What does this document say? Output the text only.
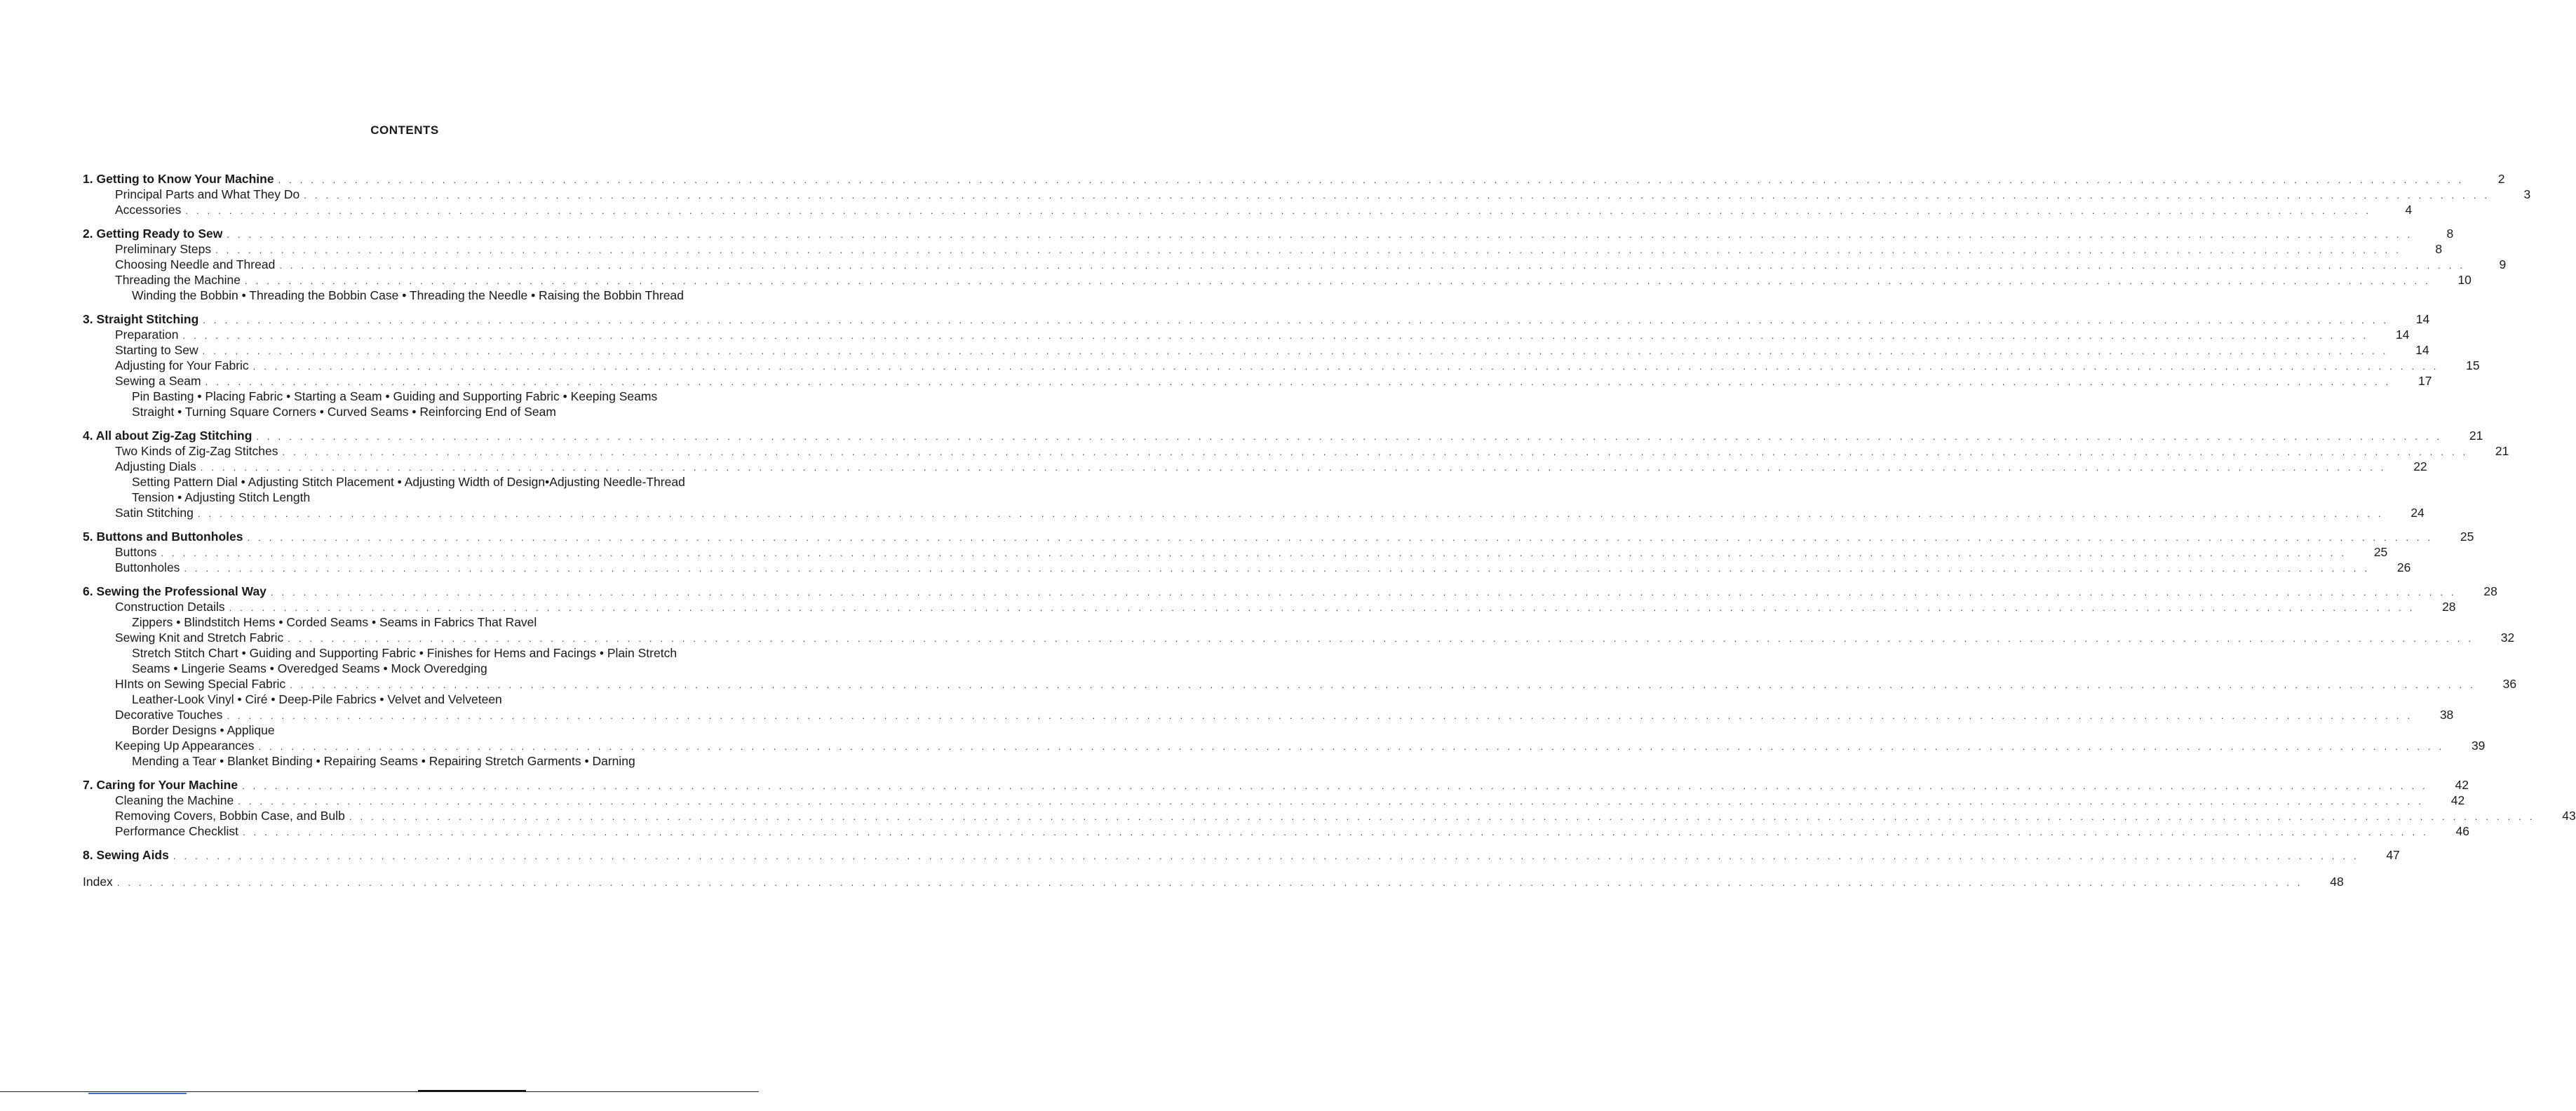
CONTENTS
1. Getting to Know Your Machine . . . . . . . . . . . . . . . . . . . . . . . . . . . . . . . . . . . . . . . . . . . . . . . . . . . . . . . . . . . . . . . . . . . . . . . . . . . . . . . . . . . . . . . . . . . . . . . . . . . . . . . . . . . . . . . . . . . . . . . . . . . . . . . . . . . . . . . . . . . . . . . . . . . . . . . . . . . . . . . . . . . . . . . . . . . . . . . . . . . . . . . . . . . . . . . . . . . . . . . .	2
Principal Parts and What They Do . . . . . . . . . . . . . . . . . . . . . . . . . . . . . . . . . . . . . . . . . . . . . . . . . . . . . . . . . . . . . . . . . . . . . . . . . . . . . . . . . . . . . . . . . . . . . . . . . . . . . . . . . . . . . . . . . . . . . . . . . . . . . . . . . . . . . . . . . . . . . . . . . . . . . . . . . . . . . . . . . . . . . . . . . . . . . . . . . . . . . . . . . . . . . . . . . . . . . . . .	3
Accessories . . . . . . . . . . . . . . . . . . . . . . . . . . . . . . . . . . . . . . . . . . . . . . . . . . . . . . . . . . . . . . . . . . . . . . . . . . . . . . . . . . . . . . . . . . . . . . . . . . . . . . . . . . . . . . . . . . . . . . . . . . . . . . . . . . . . . . . . . . . . . . . . . . . . . . . . . . . . . . . . . . . . . . . . . . . . . . . . . . . . . . . . . . . . . . . . . . . . . . . .	4
2. Getting Ready to Sew . . . . . . . . . . . . . . . . . . . . . . . . . . . . . . . . . . . . . . . . . . . . . . . . . . . . . . . . . . . . . . . . . . . . . . . . . . . . . . . . . . . . . . . . . . . . . . . . . . . . . . . . . . . . . . . . . . . . . . . . . . . . . . . . . . . . . . . . . . . . . . . . . . . . . . . . . . . . . . . . . . . . . . . . . . . . . . . . . . . . . . . . . . . . . . . . . . . . . . . .	8
Preliminary Steps . . . . . . . . . . . . . . . . . . . . . . . . . . . . . . . . . . . . . . . . . . . . . . . . . . . . . . . . . . . . . . . . . . . . . . . . . . . . . . . . . . . . . . . . . . . . . . . . . . . . . . . . . . . . . . . . . . . . . . . . . . . . . . . . . . . . . . . . . . . . . . . . . . . . . . . . . . . . . . . . . . . . . . . . . . . . . . . . . . . . . . . . . . . . . . . . . . . . . . . .	8
Choosing Needle and Thread . . . . . . . . . . . . . . . . . . . . . . . . . . . . . . . . . . . . . . . . . . . . . . . . . . . . . . . . . . . . . . . . . . . . . . . . . . . . . . . . . . . . . . . . . . . . . . . . . . . . . . . . . . . . . . . . . . . . . . . . . . . . . . . . . . . . . . . . . . . . . . . . . . . . . . . . . . . . . . . . . . . . . . . . . . . . . . . . . . . . . . . . . . . . . . . . . . . . . . . .	9
Threading the Machine . . . . . . . . . . . . . . . . . . . . . . . . . . . . . . . . . . . . . . . . . . . . . . . . . . . . . . . . . . . . . . . . . . . . . . . . . . . . . . . . . . . . . . . . . . . . . . . . . . . . . . . . . . . . . . . . . . . . . . . . . . . . . . . . . . . . . . . . . . . . . . . . . . . . . . . . . . . . . . . . . . . . . . . . . . . . . . . . . . . . . . . . . . . . . . . . . . . . . . . .	10
Winding the Bobbin • Threading the Bobbin Case • Threading the Needle • Raising the Bobbin Thread
3. Straight Stitching . . . . . . . . . . . . . . . . . . . . . . . . . . . . . . . . . . . . . . . . . . . . . . . . . . . . . . . . . . . . . . . . . . . . . . . . . . . . . . . . . . . . . . . . . . . . . . . . . . . . . . . . . . . . . . . . . . . . . . . . . . . . . . . . . . . . . . . . . . . . . . . . . . . . . . . . . . . . . . . . . . . . . . . . . . . . . . . . . . . . . . . . . . . . . . . . . . . . . . . .	14
Preparation . . . . . . . . . . . . . . . . . . . . . . . . . . . . . . . . . . . . . . . . . . . . . . . . . . . . . . . . . . . . . . . . . . . . . . . . . . . . . . . . . . . . . . . . . . . . . . . . . . . . . . . . . . . . . . . . . . . . . . . . . . . . . . . . . . . . . . . . . . . . . . . . . . . . . . . . . . . . . . . . . . . . . . . . . . . . . . . . . . . . . . . . . . . . . . . . . . . . . . . .	14
Starting to Sew . . . . . . . . . . . . . . . . . . . . . . . . . . . . . . . . . . . . . . . . . . . . . . . . . . . . . . . . . . . . . . . . . . . . . . . . . . . . . . . . . . . . . . . . . . . . . . . . . . . . . . . . . . . . . . . . . . . . . . . . . . . . . . . . . . . . . . . . . . . . . . . . . . . . . . . . . . . . . . . . . . . . . . . . . . . . . . . . . . . . . . . . . . . . . . . . . . . . . . . .	14
Adjusting for Your Fabric . . . . . . . . . . . . . . . . . . . . . . . . . . . . . . . . . . . . . . . . . . . . . . . . . . . . . . . . . . . . . . . . . . . . . . . . . . . . . . . . . . . . . . . . . . . . . . . . . . . . . . . . . . . . . . . . . . . . . . . . . . . . . . . . . . . . . . . . . . . . . . . . . . . . . . . . . . . . . . . . . . . . . . . . . . . . . . . . . . . . . . . . . . . . . . . . . . . . . . . .	15
Sewing a Seam . . . . . . . . . . . . . . . . . . . . . . . . . . . . . . . . . . . . . . . . . . . . . . . . . . . . . . . . . . . . . . . . . . . . . . . . . . . . . . . . . . . . . . . . . . . . . . . . . . . . . . . . . . . . . . . . . . . . . . . . . . . . . . . . . . . . . . . . . . . . . . . . . . . . . . . . . . . . . . . . . . . . . . . . . . . . . . . . . . . . . . . . . . . . . . . . . . . . . . . .	17
Pin Basting • Placing Fabric • Starting a Seam • Guiding and Supporting Fabric • Keeping Seams Straight • Turning Square Corners • Curved Seams • Reinforcing End of Seam
4. All about Zig-Zag Stitching . . . . . . . . . . . . . . . . . . . . . . . . . . . . . . . . . . . . . . . . . . . . . . . . . . . . . . . . . . . . . . . . . . . . . . . . . . . . . . . . . . . . . . . . . . . . . . . . . . . . . . . . . . . . . . . . . . . . . . . . . . . . . . . . . . . . . . . . . . . . . . . . . . . . . . . . . . . . . . . . . . . . . . . . . . . . . . . . . . . . . . . . . . . . . . . . . . . . . . . .	21
Two Kinds of Zig-Zag Stitches . . . . . . . . . . . . . . . . . . . . . . . . . . . . . . . . . . . . . . . . . . . . . . . . . . . . . . . . . . . . . . . . . . . . . . . . . . . . . . . . . . . . . . . . . . . . . . . . . . . . . . . . . . . . . . . . . . . . . . . . . . . . . . . . . . . . . . . . . . . . . . . . . . . . . . . . . . . . . . . . . . . . . . . . . . . . . . . . . . . . . . . . . . . . . . . . . . . . . . . .	21
Adjusting Dials . . . . . . . . . . . . . . . . . . . . . . . . . . . . . . . . . . . . . . . . . . . . . . . . . . . . . . . . . . . . . . . . . . . . . . . . . . . . . . . . . . . . . . . . . . . . . . . . . . . . . . . . . . . . . . . . . . . . . . . . . . . . . . . . . . . . . . . . . . . . . . . . . . . . . . . . . . . . . . . . . . . . . . . . . . . . . . . . . . . . . . . . . . . . . . . . . . . . . . . .	22
Setting Pattern Dial • Adjusting Stitch Placement • Adjusting Width of Design•Adjusting Needle-Thread Tension • Adjusting Stitch Length
Satin Stitching . . . . . . . . . . . . . . . . . . . . . . . . . . . . . . . . . . . . . . . . . . . . . . . . . . . . . . . . . . . . . . . . . . . . . . . . . . . . . . . . . . . . . . . . . . . . . . . . . . . . . . . . . . . . . . . . . . . . . . . . . . . . . . . . . . . . . . . . . . . . . . . . . . . . . . . . . . . . . . . . . . . . . . . . . . . . . . . . . . . . . . . . . . . . . . . . . . . . . . . .	24
5. Buttons and Buttonholes . . . . . . . . . . . . . . . . . . . . . . . . . . . . . . . . . . . . . . . . . . . . . . . . . . . . . . . . . . . . . . . . . . . . . . . . . . . . . . . . . . . . . . . . . . . . . . . . . . . . . . . . . . . . . . . . . . . . . . . . . . . . . . . . . . . . . . . . . . . . . . . . . . . . . . . . . . . . . . . . . . . . . . . . . . . . . . . . . . . . . . . . . . . . . . . . . . . . . . . .	25
Buttons . . . . . . . . . . . . . . . . . . . . . . . . . . . . . . . . . . . . . . . . . . . . . . . . . . . . . . . . . . . . . . . . . . . . . . . . . . . . . . . . . . . . . . . . . . . . . . . . . . . . . . . . . . . . . . . . . . . . . . . . . . . . . . . . . . . . . . . . . . . . . . . . . . . . . . . . . . . . . . . . . . . . . . . . . . . . . . . . . . . . . . . . . . . . . . . . . . . . . . . .	25
Buttonholes . . . . . . . . . . . . . . . . . . . . . . . . . . . . . . . . . . . . . . . . . . . . . . . . . . . . . . . . . . . . . . . . . . . . . . . . . . . . . . . . . . . . . . . . . . . . . . . . . . . . . . . . . . . . . . . . . . . . . . . . . . . . . . . . . . . . . . . . . . . . . . . . . . . . . . . . . . . . . . . . . . . . . . . . . . . . . . . . . . . . . . . . . . . . . . . . . . . . . . . .	26
6. Sewing the Professional Way . . . . . . . . . . . . . . . . . . . . . . . . . . . . . . . . . . . . . . . . . . . . . . . . . . . . . . . . . . . . . . . . . . . . . . . . . . . . . . . . . . . . . . . . . . . . . . . . . . . . . . . . . . . . . . . . . . . . . . . . . . . . . . . . . . . . . . . . . . . . . . . . . . . . . . . . . . . . . . . . . . . . . . . . . . . . . . . . . . . . . . . . . . . . . . . . . . . . . . . .	28
Construction Details . . . . . . . . . . . . . . . . . . . . . . . . . . . . . . . . . . . . . . . . . . . . . . . . . . . . . . . . . . . . . . . . . . . . . . . . . . . . . . . . . . . . . . . . . . . . . . . . . . . . . . . . . . . . . . . . . . . . . . . . . . . . . . . . . . . . . . . . . . . . . . . . . . . . . . . . . . . . . . . . . . . . . . . . . . . . . . . . . . . . . . . . . . . . . . . . . . . . . . . .	28
Zippers • Blindstitch Hems • Corded Seams • Seams in Fabrics That Ravel
Sewing Knit and Stretch Fabric . . . . . . . . . . . . . . . . . . . . . . . . . . . . . . . . . . . . . . . . . . . . . . . . . . . . . . . . . . . . . . . . . . . . . . . . . . . . . . . . . . . . . . . . . . . . . . . . . . . . . . . . . . . . . . . . . . . . . . . . . . . . . . . . . . . . . . . . . . . . . . . . . . . . . . . . . . . . . . . . . . . . . . . . . . . . . . . . . . . . . . . . . . . . . . . . . . . . . . . .	32
Stretch Stitch Chart • Guiding and Supporting Fabric • Finishes for Hems and Facings • Plain Stretch Seams • Lingerie Seams • Overedged Seams • Mock Overedging
HInts on Sewing Special Fabric . . . . . . . . . . . . . . . . . . . . . . . . . . . . . . . . . . . . . . . . . . . . . . . . . . . . . . . . . . . . . . . . . . . . . . . . . . . . . . . . . . . . . . . . . . . . . . . . . . . . . . . . . . . . . . . . . . . . . . . . . . . . . . . . . . . . . . . . . . . . . . . . . . . . . . . . . . . . . . . . . . . . . . . . . . . . . . . . . . . . . . . . . . . . . . . . . . . . . . . .	36
Leather-Look Vinyl • Ciré • Deep-Pile Fabrics • Velvet and Velveteen
Decorative Touches . . . . . . . . . . . . . . . . . . . . . . . . . . . . . . . . . . . . . . . . . . . . . . . . . . . . . . . . . . . . . . . . . . . . . . . . . . . . . . . . . . . . . . . . . . . . . . . . . . . . . . . . . . . . . . . . . . . . . . . . . . . . . . . . . . . . . . . . . . . . . . . . . . . . . . . . . . . . . . . . . . . . . . . . . . . . . . . . . . . . . . . . . . . . . . . . . . . . . . . .	38
Border Designs • Applique
Keeping Up Appearances . . . . . . . . . . . . . . . . . . . . . . . . . . . . . . . . . . . . . . . . . . . . . . . . . . . . . . . . . . . . . . . . . . . . . . . . . . . . . . . . . . . . . . . . . . . . . . . . . . . . . . . . . . . . . . . . . . . . . . . . . . . . . . . . . . . . . . . . . . . . . . . . . . . . . . . . . . . . . . . . . . . . . . . . . . . . . . . . . . . . . . . . . . . . . . . . . . . . . . . .	39
Mending a Tear • Blanket Binding • Repairing Seams • Repairing Stretch Garments • Darning
7. Caring for Your Machine . . . . . . . . . . . . . . . . . . . . . . . . . . . . . . . . . . . . . . . . . . . . . . . . . . . . . . . . . . . . . . . . . . . . . . . . . . . . . . . . . . . . . . . . . . . . . . . . . . . . . . . . . . . . . . . . . . . . . . . . . . . . . . . . . . . . . . . . . . . . . . . . . . . . . . . . . . . . . . . . . . . . . . . . . . . . . . . . . . . . . . . . . . . . . . . . . . . . . . . .	42
Cleaning the Machine . . . . . . . . . . . . . . . . . . . . . . . . . . . . . . . . . . . . . . . . . . . . . . . . . . . . . . . . . . . . . . . . . . . . . . . . . . . . . . . . . . . . . . . . . . . . . . . . . . . . . . . . . . . . . . . . . . . . . . . . . . . . . . . . . . . . . . . . . . . . . . . . . . . . . . . . . . . . . . . . . . . . . . . . . . . . . . . . . . . . . . . . . . . . . . . . . . . . . . . .	42
Removing Covers, Bobbin Case, and Bulb . . . . . . . . . . . . . . . . . . . . . . . . . . . . . . . . . . . . . . . . . . . . . . . . . . . . . . . . . . . . . . . . . . . . . . . . . . . . . . . . . . . . . . . . . . . . . . . . . . . . . . . . . . . . . . . . . . . . . . . . . . . . . . . . . . . . . . . . . . . . . . . . . . . . . . . . . . . . . . . . . . . . . . . . . . . . . . . . . . . . . . . . . . . . . . . . . . . . . . . .	43
Performance Checklist . . . . . . . . . . . . . . . . . . . . . . . . . . . . . . . . . . . . . . . . . . . . . . . . . . . . . . . . . . . . . . . . . . . . . . . . . . . . . . . . . . . . . . . . . . . . . . . . . . . . . . . . . . . . . . . . . . . . . . . . . . . . . . . . . . . . . . . . . . . . . . . . . . . . . . . . . . . . . . . . . . . . . . . . . . . . . . . . . . . . . . . . . . . . . . . . . . . . . . . .	46
8. Sewing Aids . . . . . . . . . . . . . . . . . . . . . . . . . . . . . . . . . . . . . . . . . . . . . . . . . . . . . . . . . . . . . . . . . . . . . . . . . . . . . . . . . . . . . . . . . . . . . . . . . . . . . . . . . . . . . . . . . . . . . . . . . . . . . . . . . . . . . . . . . . . . . . . . . . . . . . . . . . . . . . . . . . . . . . . . . . . . . . . . . . . . . . . . . . . . . . . . . . . . . . . .	47
Index . . . . . . . . . . . . . . . . . . . . . . . . . . . . . . . . . . . . . . . . . . . . . . . . . . . . . . . . . . . . . . . . . . . . . . . . . . . . . . . . . . . . . . . . . . . . . . . . . . . . . . . . . . . . . . . . . . . . . . . . . . . . . . . . . . . . . . . . . . . . . . . . . . . . . . . . . . . . . . . . . . . . . . . . . . . . . . . . . . . . . . . . . . . . . . . . . . . . . . . .	48
